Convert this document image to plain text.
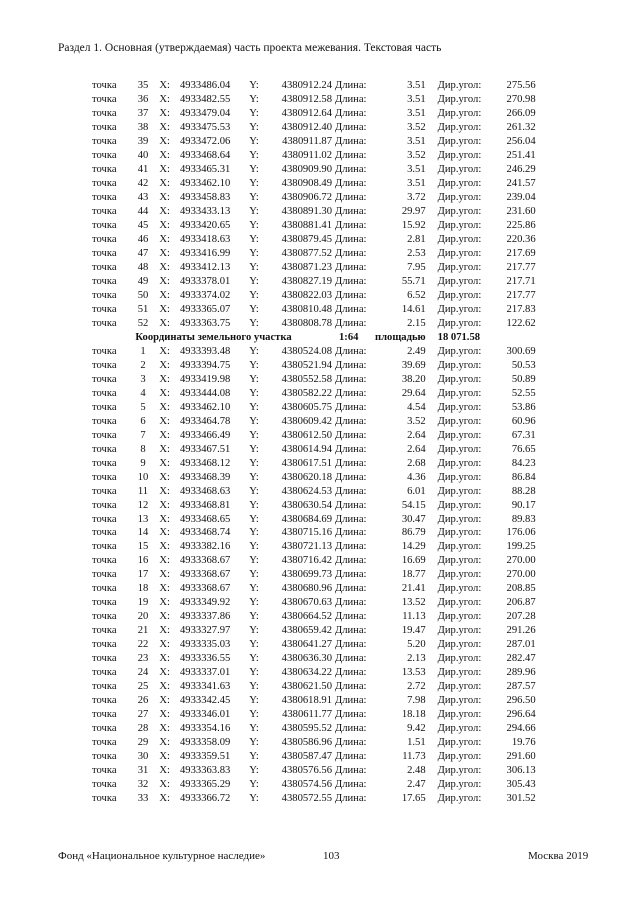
Раздел 1. Основная (утверждаемая) часть проекта межевания. Текстовая часть
точка	35	X:	4933486.04	Y:	4380912.24	Длина:	3.51	Дир.угол:	275.56
точка	36	X:	4933482.55	Y:	4380912.58	Длина:	3.51	Дир.угол:	270.98
точка	37	X:	4933479.04	Y:	4380912.64	Длина:	3.51	Дир.угол:	266.09
точка	38	X:	4933475.53	Y:	4380912.40	Длина:	3.52	Дир.угол:	261.32
точка	39	X:	4933472.06	Y:	4380911.87	Длина:	3.51	Дир.угол:	256.04
точка	40	X:	4933468.64	Y:	4380911.02	Длина:	3.52	Дир.угол:	251.41
точка	41	X:	4933465.31	Y:	4380909.90	Длина:	3.51	Дир.угол:	246.29
точка	42	X:	4933462.10	Y:	4380908.49	Длина:	3.51	Дир.угол:	241.57
точка	43	X:	4933458.83	Y:	4380906.72	Длина:	3.72	Дир.угол:	239.04
точка	44	X:	4933433.13	Y:	4380891.30	Длина:	29.97	Дир.угол:	231.60
точка	45	X:	4933420.65	Y:	4380881.41	Длина:	15.92	Дир.угол:	225.86
точка	46	X:	4933418.63	Y:	4380879.45	Длина:	2.81	Дир.угол:	220.36
точка	47	X:	4933416.99	Y:	4380877.52	Длина:	2.53	Дир.угол:	217.69
точка	48	X:	4933412.13	Y:	4380871.23	Длина:	7.95	Дир.угол:	217.77
точка	49	X:	4933378.01	Y:	4380827.19	Длина:	55.71	Дир.угол:	217.71
точка	50	X:	4933374.02	Y:	4380822.03	Длина:	6.52	Дир.угол:	217.77
точка	51	X:	4933365.07	Y:	4380810.48	Длина:	14.61	Дир.угол:	217.83
точка	52	X:	4933363.75	Y:	4380808.78	Длина:	2.15	Дир.угол:	122.62
Координаты земельного участка						1:64	площадью	18 071.58	
точка	1	X:	4933393.48	Y:	4380524.08	Длина:	2.49	Дир.угол:	300.69
точка	2	X:	4933394.75	Y:	4380521.94	Длина:	39.69	Дир.угол:	50.53
точка	3	X:	4933419.98	Y:	4380552.58	Длина:	38.20	Дир.угол:	50.89
точка	4	X:	4933444.08	Y:	4380582.22	Длина:	29.64	Дир.угол:	52.55
точка	5	X:	4933462.10	Y:	4380605.75	Длина:	4.54	Дир.угол:	53.86
точка	6	X:	4933464.78	Y:	4380609.42	Длина:	3.52	Дир.угол:	60.96
точка	7	X:	4933466.49	Y:	4380612.50	Длина:	2.64	Дир.угол:	67.31
точка	8	X:	4933467.51	Y:	4380614.94	Длина:	2.64	Дир.угол:	76.65
точка	9	X:	4933468.12	Y:	4380617.51	Длина:	2.68	Дир.угол:	84.23
точка	10	X:	4933468.39	Y:	4380620.18	Длина:	4.36	Дир.угол:	86.84
точка	11	X:	4933468.63	Y:	4380624.53	Длина:	6.01	Дир.угол:	88.28
точка	12	X:	4933468.81	Y:	4380630.54	Длина:	54.15	Дир.угол:	90.17
точка	13	X:	4933468.65	Y:	4380684.69	Длина:	30.47	Дир.угол:	89.83
точка	14	X:	4933468.74	Y:	4380715.16	Длина:	86.79	Дир.угол:	176.06
точка	15	X:	4933382.16	Y:	4380721.13	Длина:	14.29	Дир.угол:	199.25
точка	16	X:	4933368.67	Y:	4380716.42	Длина:	16.69	Дир.угол:	270.00
точка	17	X:	4933368.67	Y:	4380699.73	Длина:	18.77	Дир.угол:	270.00
точка	18	X:	4933368.67	Y:	4380680.96	Длина:	21.41	Дир.угол:	208.85
точка	19	X:	4933349.92	Y:	4380670.63	Длина:	13.52	Дир.угол:	206.87
точка	20	X:	4933337.86	Y:	4380664.52	Длина:	11.13	Дир.угол:	207.28
точка	21	X:	4933327.97	Y:	4380659.42	Длина:	19.47	Дир.угол:	291.26
точка	22	X:	4933335.03	Y:	4380641.27	Длина:	5.20	Дир.угол:	287.01
точка	23	X:	4933336.55	Y:	4380636.30	Длина:	2.13	Дир.угол:	282.47
точка	24	X:	4933337.01	Y:	4380634.22	Длина:	13.53	Дир.угол:	289.96
точка	25	X:	4933341.63	Y:	4380621.50	Длина:	2.72	Дир.угол:	287.57
точка	26	X:	4933342.45	Y:	4380618.91	Длина:	7.98	Дир.угол:	296.50
точка	27	X:	4933346.01	Y:	4380611.77	Длина:	18.18	Дир.угол:	296.64
точка	28	X:	4933354.16	Y:	4380595.52	Длина:	9.42	Дир.угол:	294.66
точка	29	X:	4933358.09	Y:	4380586.96	Длина:	1.51	Дир.угол:	19.76
точка	30	X:	4933359.51	Y:	4380587.47	Длина:	11.73	Дир.угол:	291.60
точка	31	X:	4933363.83	Y:	4380576.56	Длина:	2.48	Дир.угол:	306.13
точка	32	X:	4933365.29	Y:	4380574.56	Длина:	2.47	Дир.угол:	305.43
точка	33	X:	4933366.72	Y:	4380572.55	Длина:	17.65	Дир.угол:	301.52
Фонд «Национальное культурное наследие»	103	Москва 2019
